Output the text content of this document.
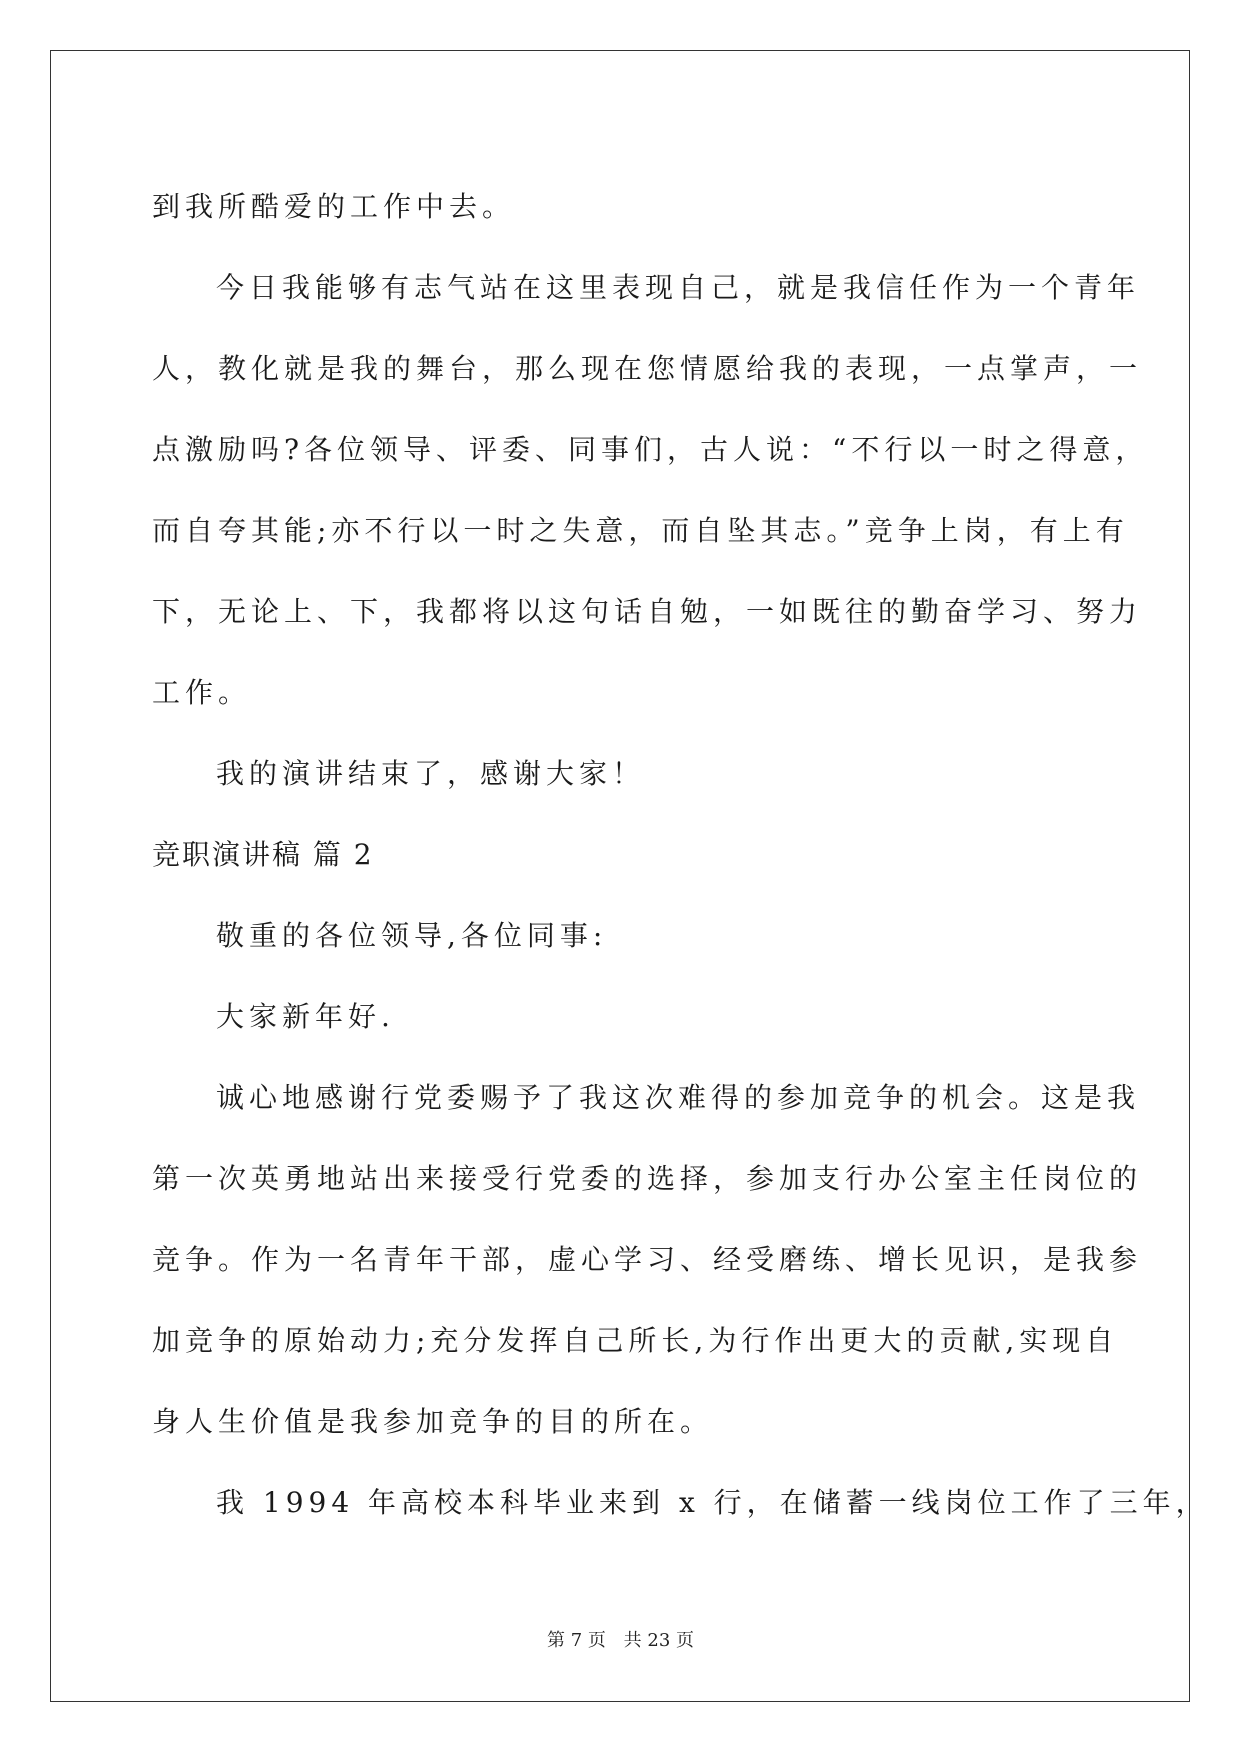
到我所酷爱的工作中去。
今日我能够有志气站在这里表现自己，就是我信任作为一个青年
人，教化就是我的舞台，那么现在您情愿给我的表现，一点掌声，一
点激励吗?各位领导、评委、同事们，古人说：“不行以一时之得意，
而自夸其能;亦不行以一时之失意，而自坠其志。”竞争上岗，有上有
下，无论上、下，我都将以这句话自勉，一如既往的勤奋学习、努力
工作。
我的演讲结束了，感谢大家！
竞职演讲稿 篇 2
敬重的各位领导,各位同事:
大家新年好.
诚心地感谢行党委赐予了我这次难得的参加竞争的机会。这是我
第一次英勇地站出来接受行党委的选择，参加支行办公室主任岗位的
竞争。作为一名青年干部，虚心学习、经受磨练、增长见识，是我参
加竞争的原始动力;充分发挥自己所长,为行作出更大的贡献,实现自
身人生价值是我参加竞争的目的所在。
我 1994 年高校本科毕业来到 x 行，在储蓄一线岗位工作了三年，
第 7 页 共 23 页
